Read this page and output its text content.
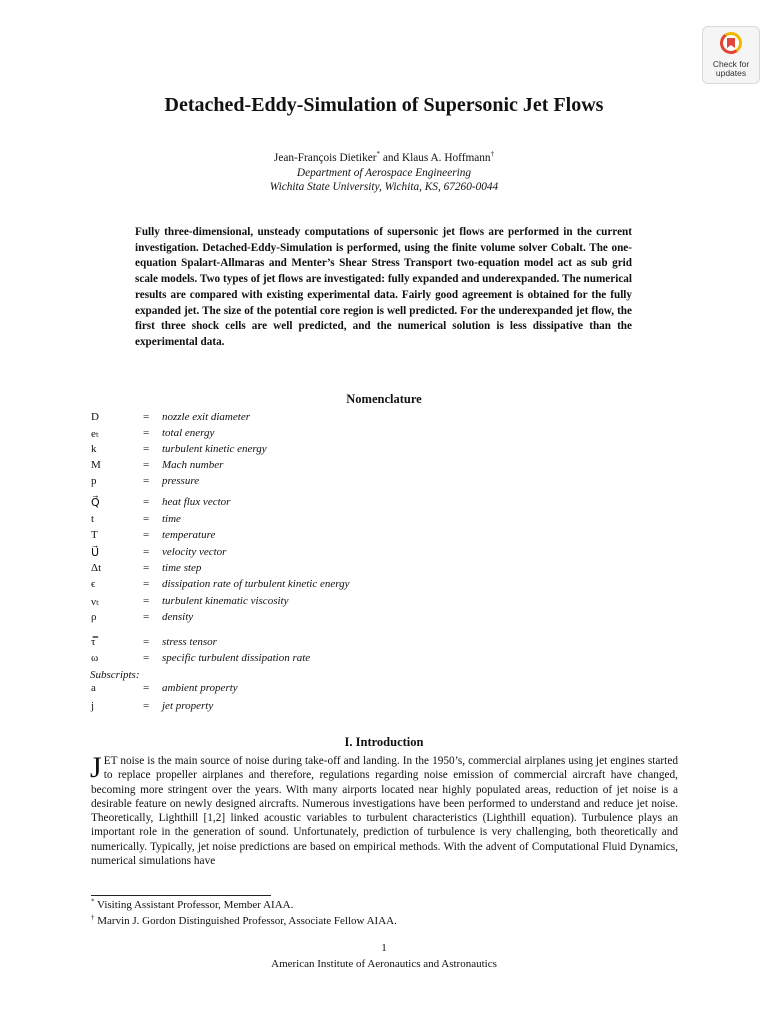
Check for
updates
Detached-Eddy-Simulation of Supersonic Jet Flows
Jean-François Dietiker* and Klaus A. Hoffmann†
Department of Aerospace Engineering
Wichita State University, Wichita, KS, 67260-0044

Fully three-dimensional, unsteady computations of supersonic jet flows are performed in the current investigation. Detached-Eddy-Simulation is performed, using the finite volume solver Cobalt. The one-equation Spalart-Allmaras and Menter’s Shear Stress Transport two-equation model act as sub grid scale models. Two types of jet flows are investigated: fully expanded and underexpanded. The numerical results are compared with existing experimental data. Fairly good agreement is obtained for the fully expanded jet. The size of the potential core region is well predicted. For the underexpanded jet flow, the first three shock cells are well predicted, and the numerical solution is less dissipative than the experimental data.

Nomenclature
D	= nozzle exit diameter
eₜ	= total energy
k	= turbulent kinetic energy
M	= Mach number
p	= pressure
Q⃗	= heat flux vector
t	= time
T	= temperature
U⃗	= velocity vector
Δt	= time step
ϵ	= dissipation rate of turbulent kinetic energy
νₜ	= turbulent kinematic viscosity
ρ	= density
τ̿	= stress tensor
ω	= specific turbulent dissipation rate
Subscripts:
a	= ambient property
j	= jet property
I. Introduction

JET noise is the main source of noise during take-off and landing. In the 1950’s, commercial airplanes using jet engines started to replace propeller airplanes and therefore, regulations regarding noise emission of commercial aircraft have changed, becoming more stringent over the years. With many airports located near highly populated areas, reduction of jet noise is a desirable feature on newly designed aircrafts. Numerous investigations have been performed to understand and reduce jet noise. Theoretically, Lighthill [1,2] linked acoustic variables to turbulent characteristics (Lighthill equation). Turbulence plays an important role in the generation of sound. Unfortunately, prediction of turbulence is very challenging, both theoretically and numerically. Typically, jet noise predictions are based on empirical methods. With the advent of Computational Fluid Dynamics, numerical simulations have

* Visiting Assistant Professor, Member AIAA.
† Marvin J. Gordon Distinguished Professor, Associate Fellow AIAA.
1
American Institute of Aeronautics and Astronautics
